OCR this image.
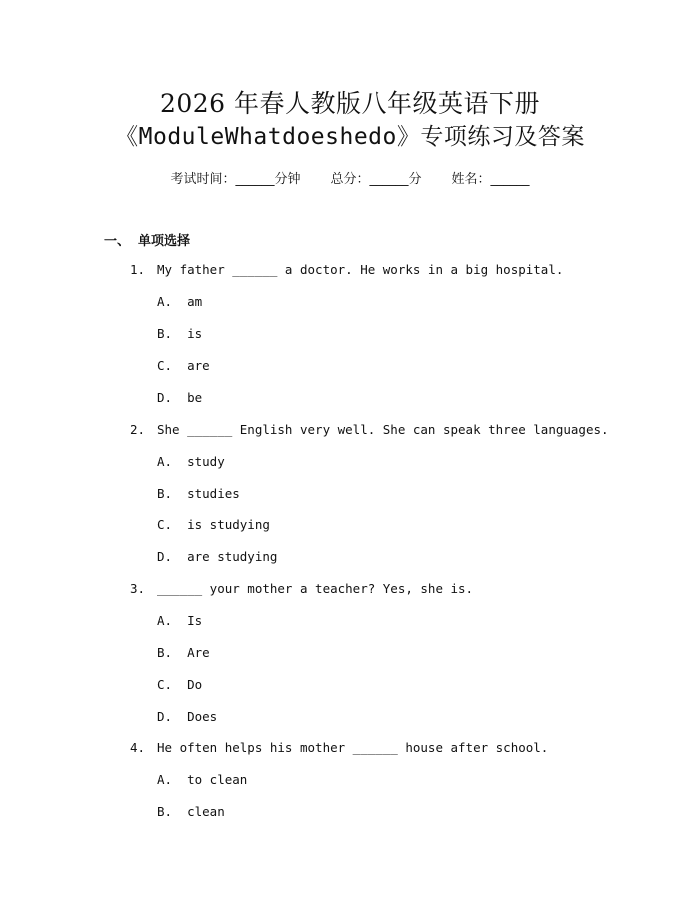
2026 年春人教版八年级英语下册
《ModuleWhatdoeshedo》专项练习及答案
考试时间：______分钟 总分：______分 姓名：______
一、 单项选择
1. My father ______ a doctor. He works in a big hospital.
A.  am
B.  is
C.  are
D.  be
2. She ______ English very well. She can speak three languages.
A.  study
B.  studies
C.  is studying
D.  are studying
3. ______ your mother a teacher? Yes, she is.
A.  Is
B.  Are
C.  Do
D.  Does
4. He often helps his mother ______ house after school.
A.  to clean
B.  clean
